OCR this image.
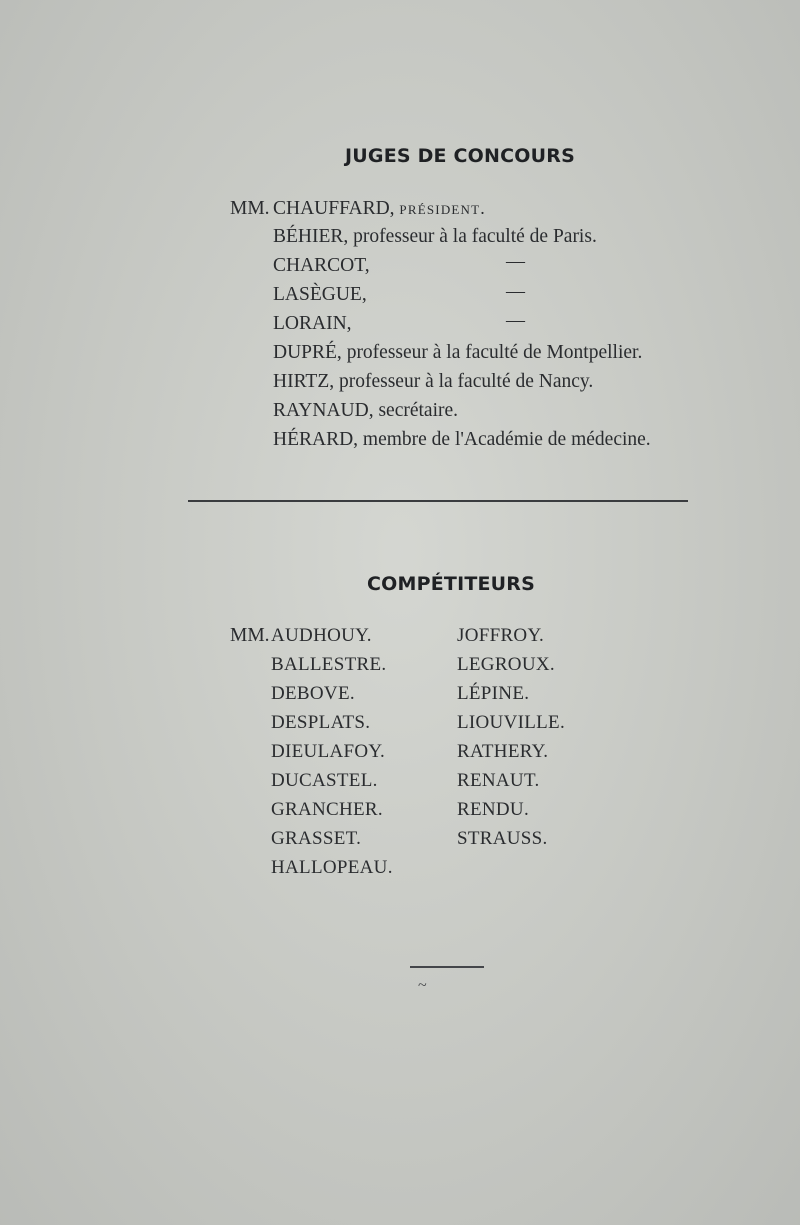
JUGES DE CONCOURS
MM. CHAUFFARD, président.
BÉHIER, professeur à la faculté de Paris.
CHARCOT,	—
LASÈGUE,	—
LORAIN,	—
DUPRÉ, professeur à la faculté de Montpellier.
HIRTZ, professeur à la faculté de Nancy.
RAYNAUD, secrétaire.
HÉRARD, membre de l'Académie de médecine.
COMPÉTITEURS
MM. AUDHOUY.
BALLESTRE.
DEBOVE.
DESPLATS.
DIEULAFOY.
DUCASTEL.
GRANCHER.
GRASSET.
HALLOPEAU.
JOFFROY.
LEGROUX.
LÉPINE.
LIOUVILLE.
RATHERY.
RENAUT.
RENDU.
STRAUSS.
~
